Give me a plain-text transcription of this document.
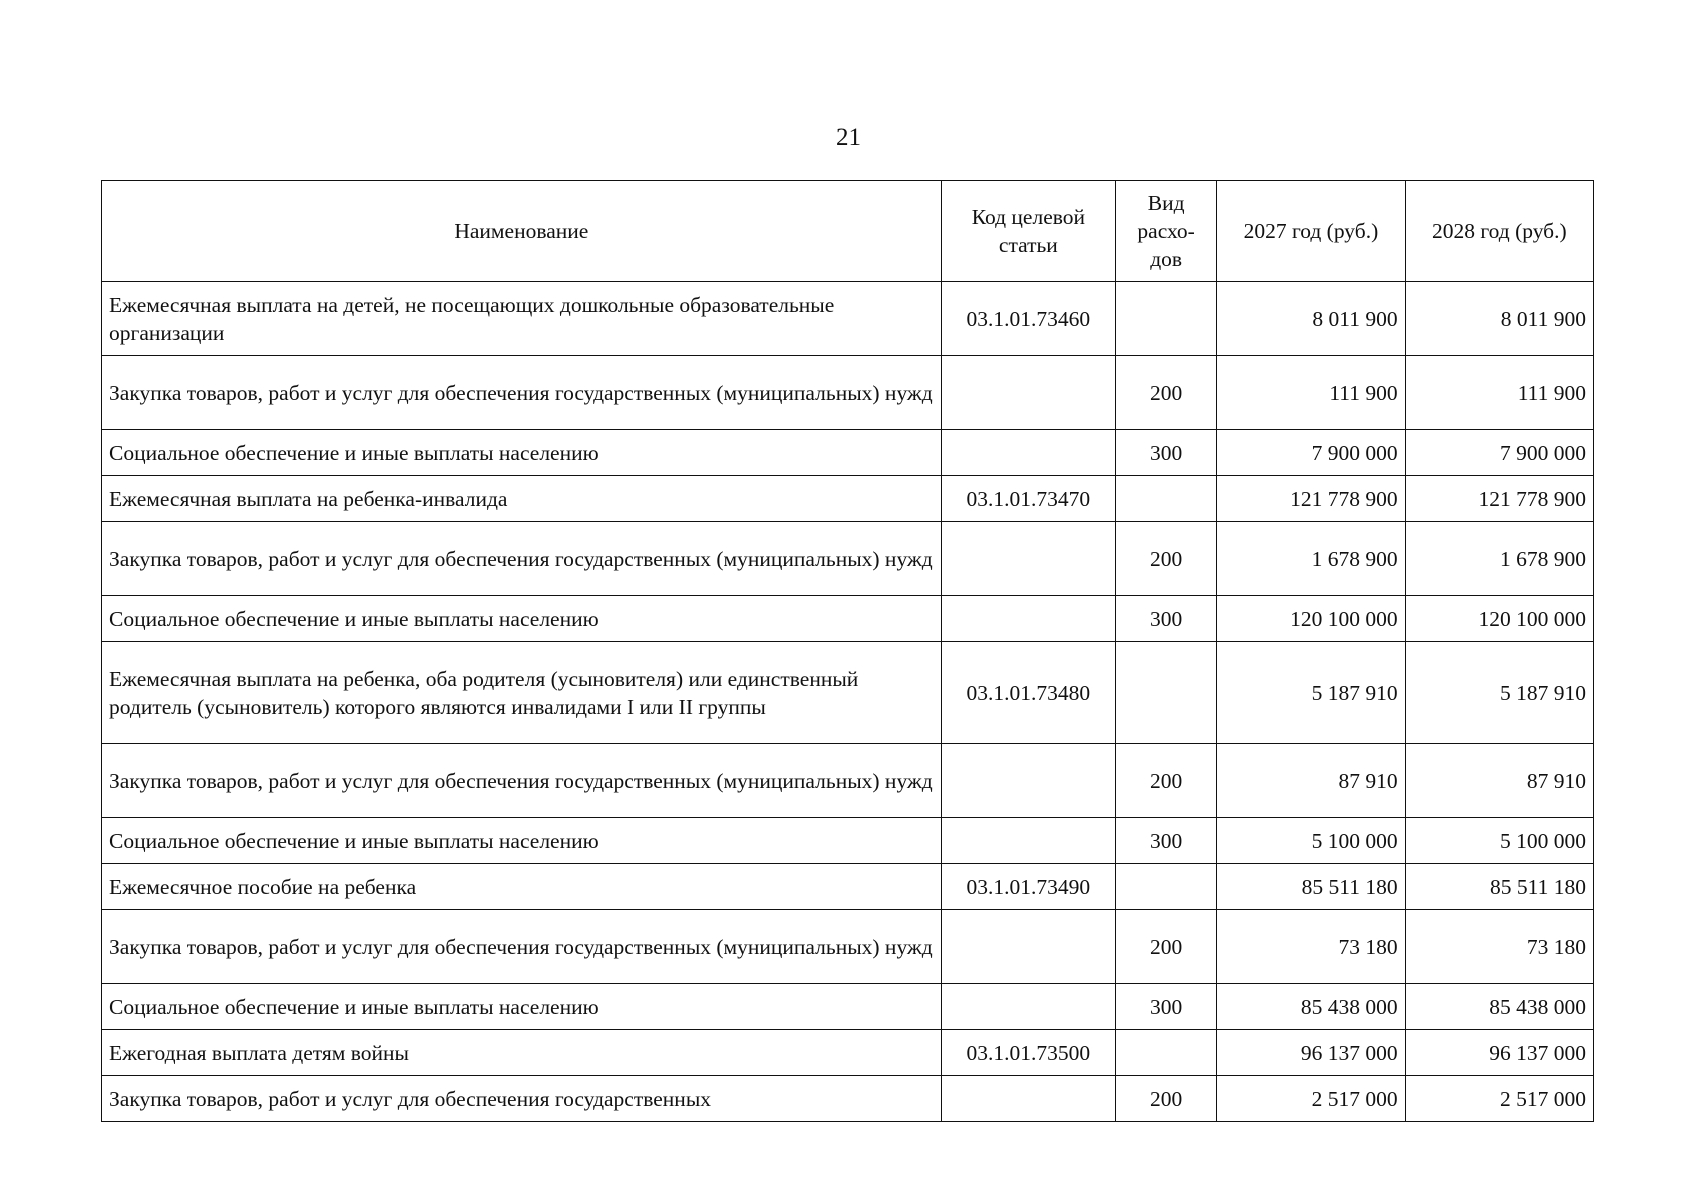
21
Наименование	Код целевой статьи	Вид расхо-дов	2027 год (руб.)	2028 год (руб.)
Ежемесячная выплата на детей, не посещающих дошкольные образовательные организации	03.1.01.73460		8 011 900	8 011 900
Закупка товаров, работ и услуг для обеспечения государственных (муниципальных) нужд		200	111 900	111 900
Социальное обеспечение и иные выплаты населению		300	7 900 000	7 900 000
Ежемесячная выплата на ребенка-инвалида	03.1.01.73470		121 778 900	121 778 900
Закупка товаров, работ и услуг для обеспечения государственных (муниципальных) нужд		200	1 678 900	1 678 900
Социальное обеспечение и иные выплаты населению		300	120 100 000	120 100 000
Ежемесячная выплата на ребенка, оба родителя (усыновителя) или единственный родитель (усыновитель) которого являются инвалидами I или II группы	03.1.01.73480		5 187 910	5 187 910
Закупка товаров, работ и услуг для обеспечения государственных (муниципальных) нужд		200	87 910	87 910
Социальное обеспечение и иные выплаты населению		300	5 100 000	5 100 000
Ежемесячное пособие на ребенка	03.1.01.73490		85 511 180	85 511 180
Закупка товаров, работ и услуг для обеспечения государственных (муниципальных) нужд		200	73 180	73 180
Социальное обеспечение и иные выплаты населению		300	85 438 000	85 438 000
Ежегодная выплата детям войны	03.1.01.73500		96 137 000	96 137 000
Закупка товаров, работ и услуг для обеспечения государственных		200	2 517 000	2 517 000
